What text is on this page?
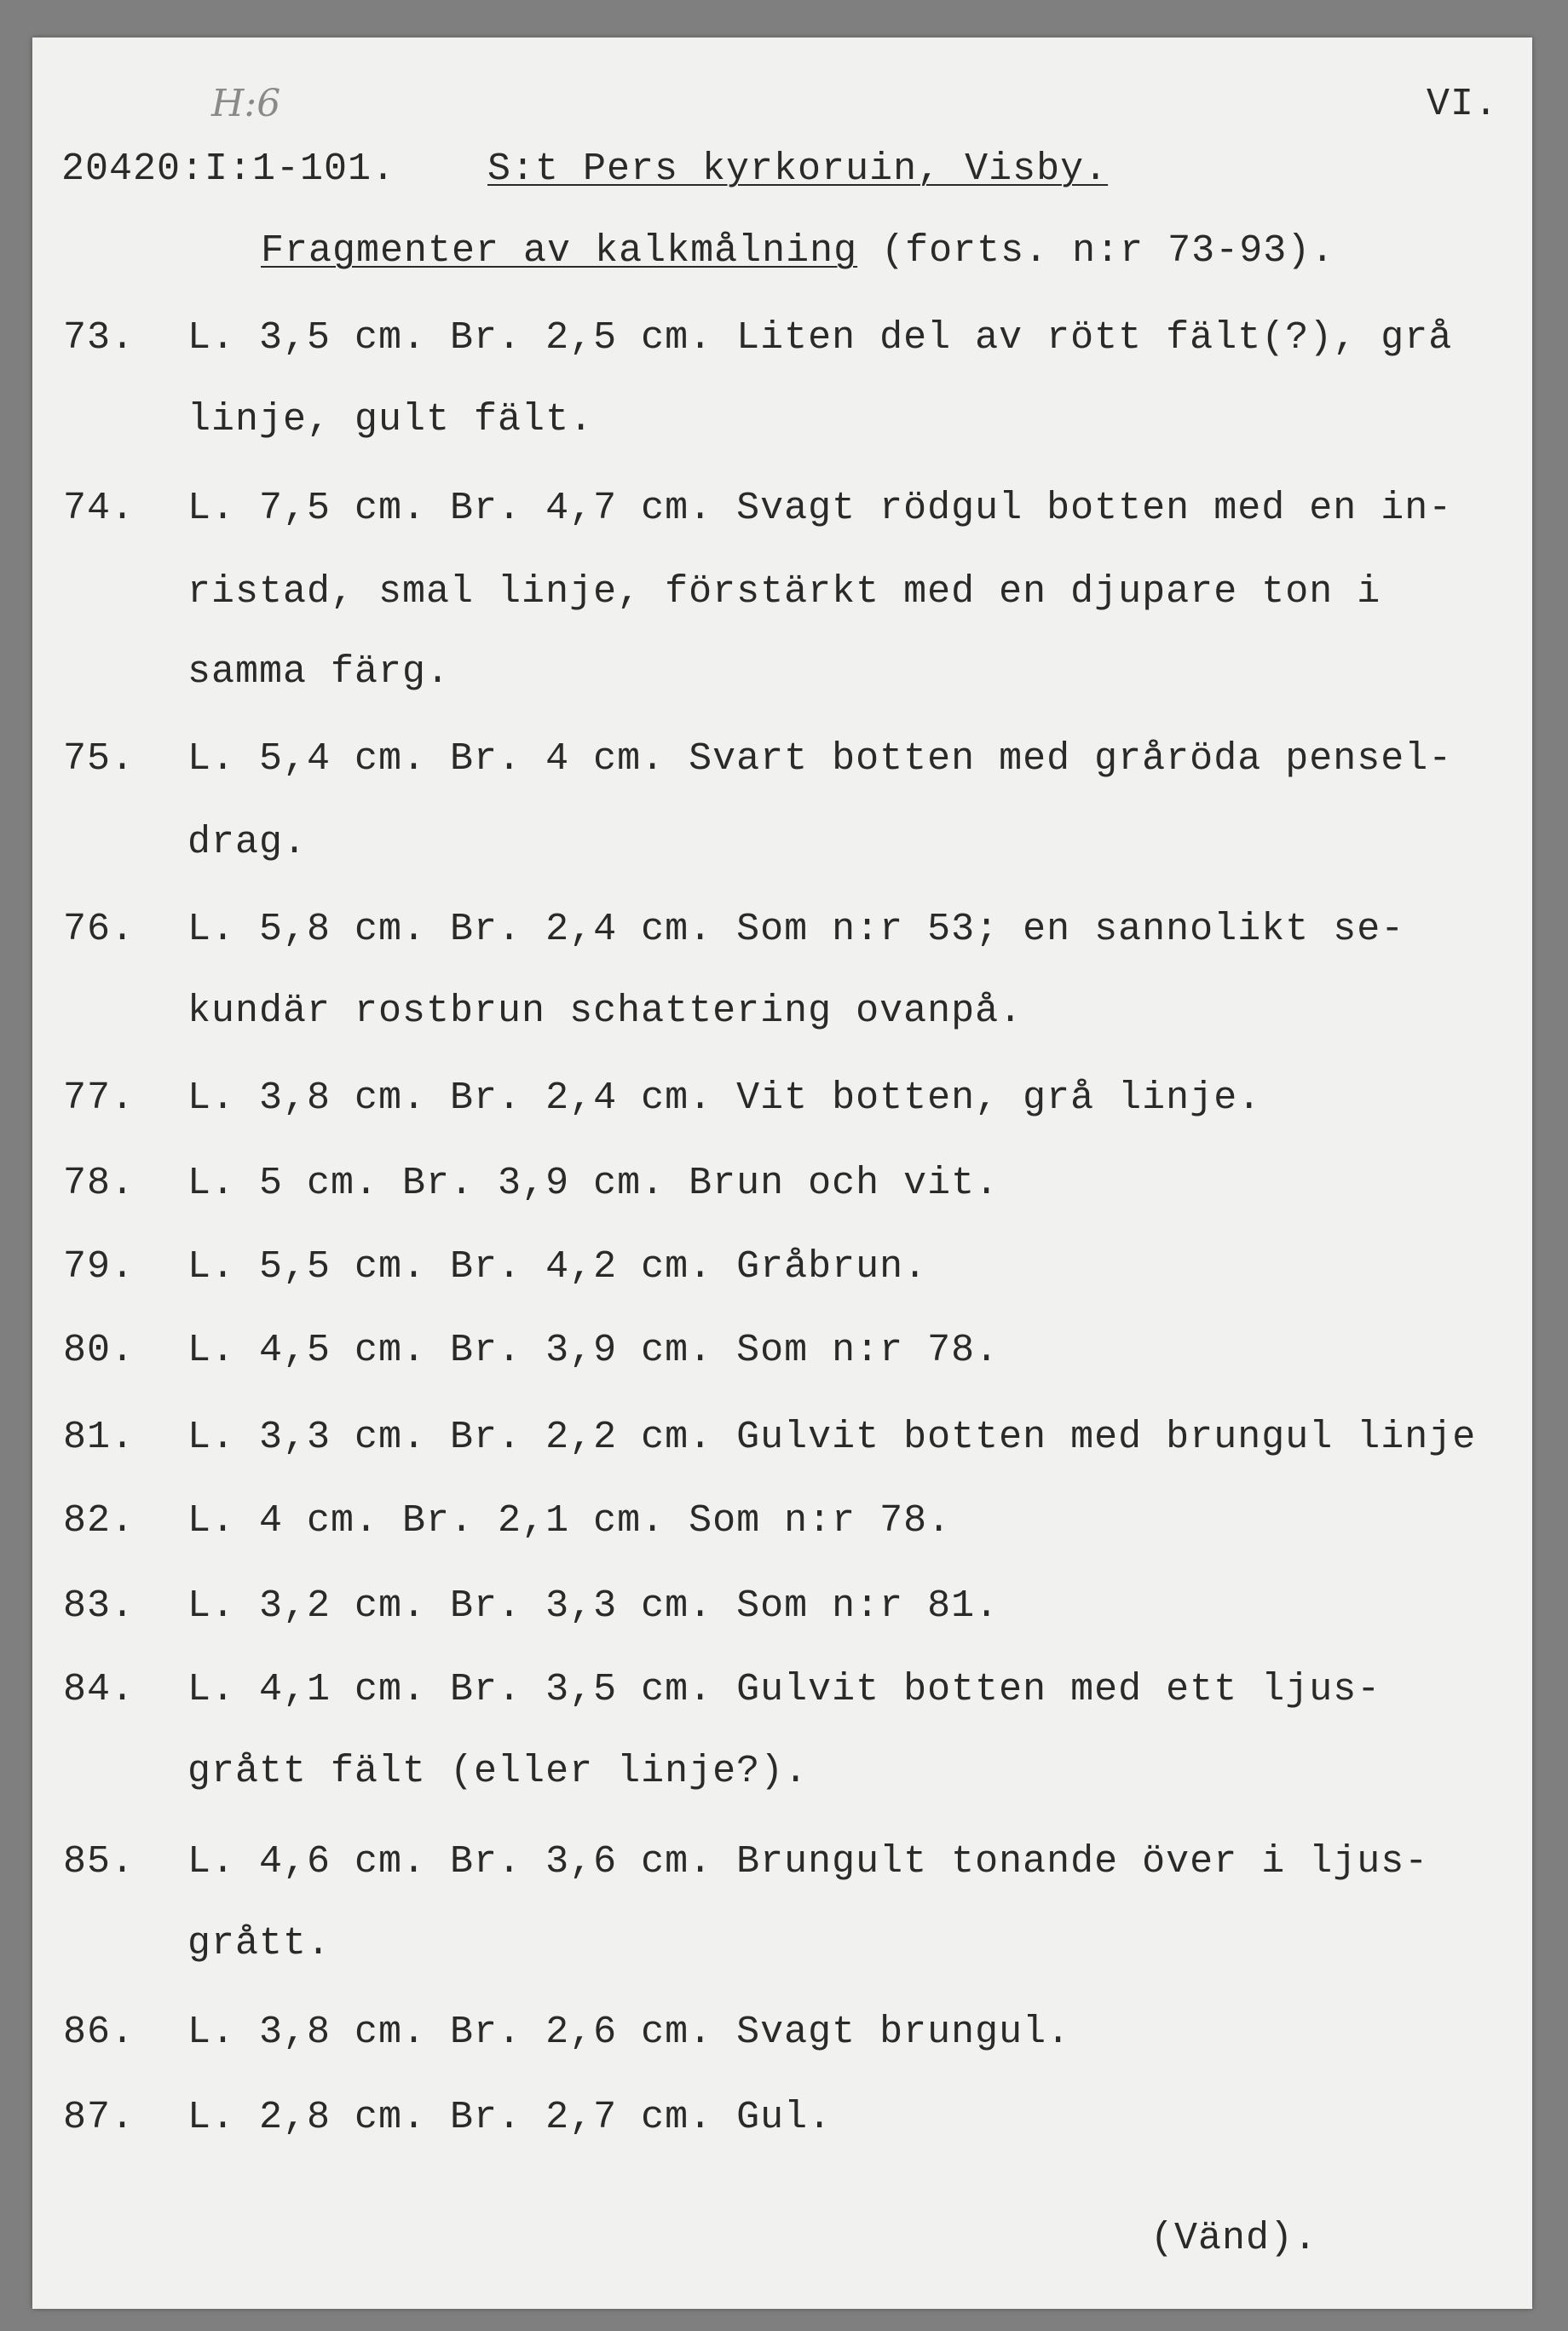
H:6	VI.
20420:I:1-101. S:t Pers kyrkoruin, Visby.
Fragmenter av kalkmålning (forts. n:r 73-93).
73. L. 3,5 cm. Br. 2,5 cm. Liten del av rött fält(?), grå
linje, gult fält.
74. L. 7,5 cm. Br. 4,7 cm. Svagt rödgul botten med en in-
ristad, smal linje, förstärkt med en djupare ton i
samma färg.
75. L. 5,4 cm. Br. 4 cm. Svart botten med gråröda pensel-
drag.
76. L. 5,8 cm. Br. 2,4 cm. Som n:r 53; en sannolikt se-
kundär rostbrun schattering ovanpå.
77. L. 3,8 cm. Br. 2,4 cm. Vit botten, grå linje.
78. L. 5 cm. Br. 3,9 cm. Brun och vit.
79. L. 5,5 cm. Br. 4,2 cm. Gråbrun.
80. L. 4,5 cm. Br. 3,9 cm. Som n:r 78.
81. L. 3,3 cm. Br. 2,2 cm. Gulvit botten med brungul linje
82. L. 4 cm. Br. 2,1 cm. Som n:r 78.
83. L. 3,2 cm. Br. 3,3 cm. Som n:r 81.
84. L. 4,1 cm. Br. 3,5 cm. Gulvit botten med ett ljus-
grått fält (eller linje?).
85. L. 4,6 cm. Br. 3,6 cm. Brungult tonande över i ljus-
grått.
86. L. 3,8 cm. Br. 2,6 cm. Svagt brungul.
87. L. 2,8 cm. Br. 2,7 cm. Gul.
(Vänd).
